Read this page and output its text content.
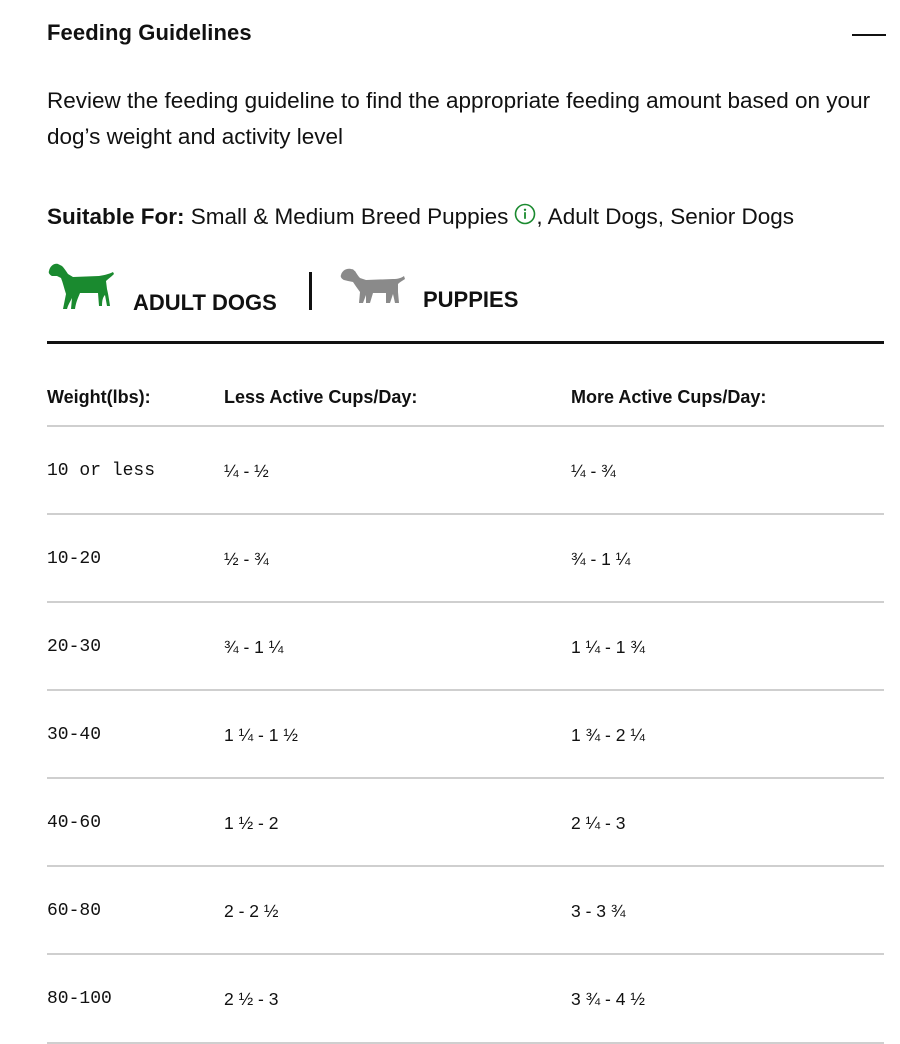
Feeding Guidelines

Review the feeding guideline to find the appropriate feeding amount based on your dog’s weight and activity level

Suitable For: Small & Medium Breed Puppies , Adult Dogs, Senior Dogs
ADULT DOGS	PUPPIES
Weight(lbs):	Less Active Cups/Day:	More Active Cups/Day:
10 or less	¼ - ½	¼ - ¾
10-20	½ - ¾	¾ - 1 ¼
20-30	¾ - 1 ¼	1 ¼ - 1 ¾
30-40	1 ¼ - 1 ½	1 ¾ - 2 ¼
40-60	1 ½ - 2	2 ¼ - 3
60-80	2 - 2 ½	3 - 3 ¾
80-100	2 ½ - 3	3 ¾ - 4 ½
